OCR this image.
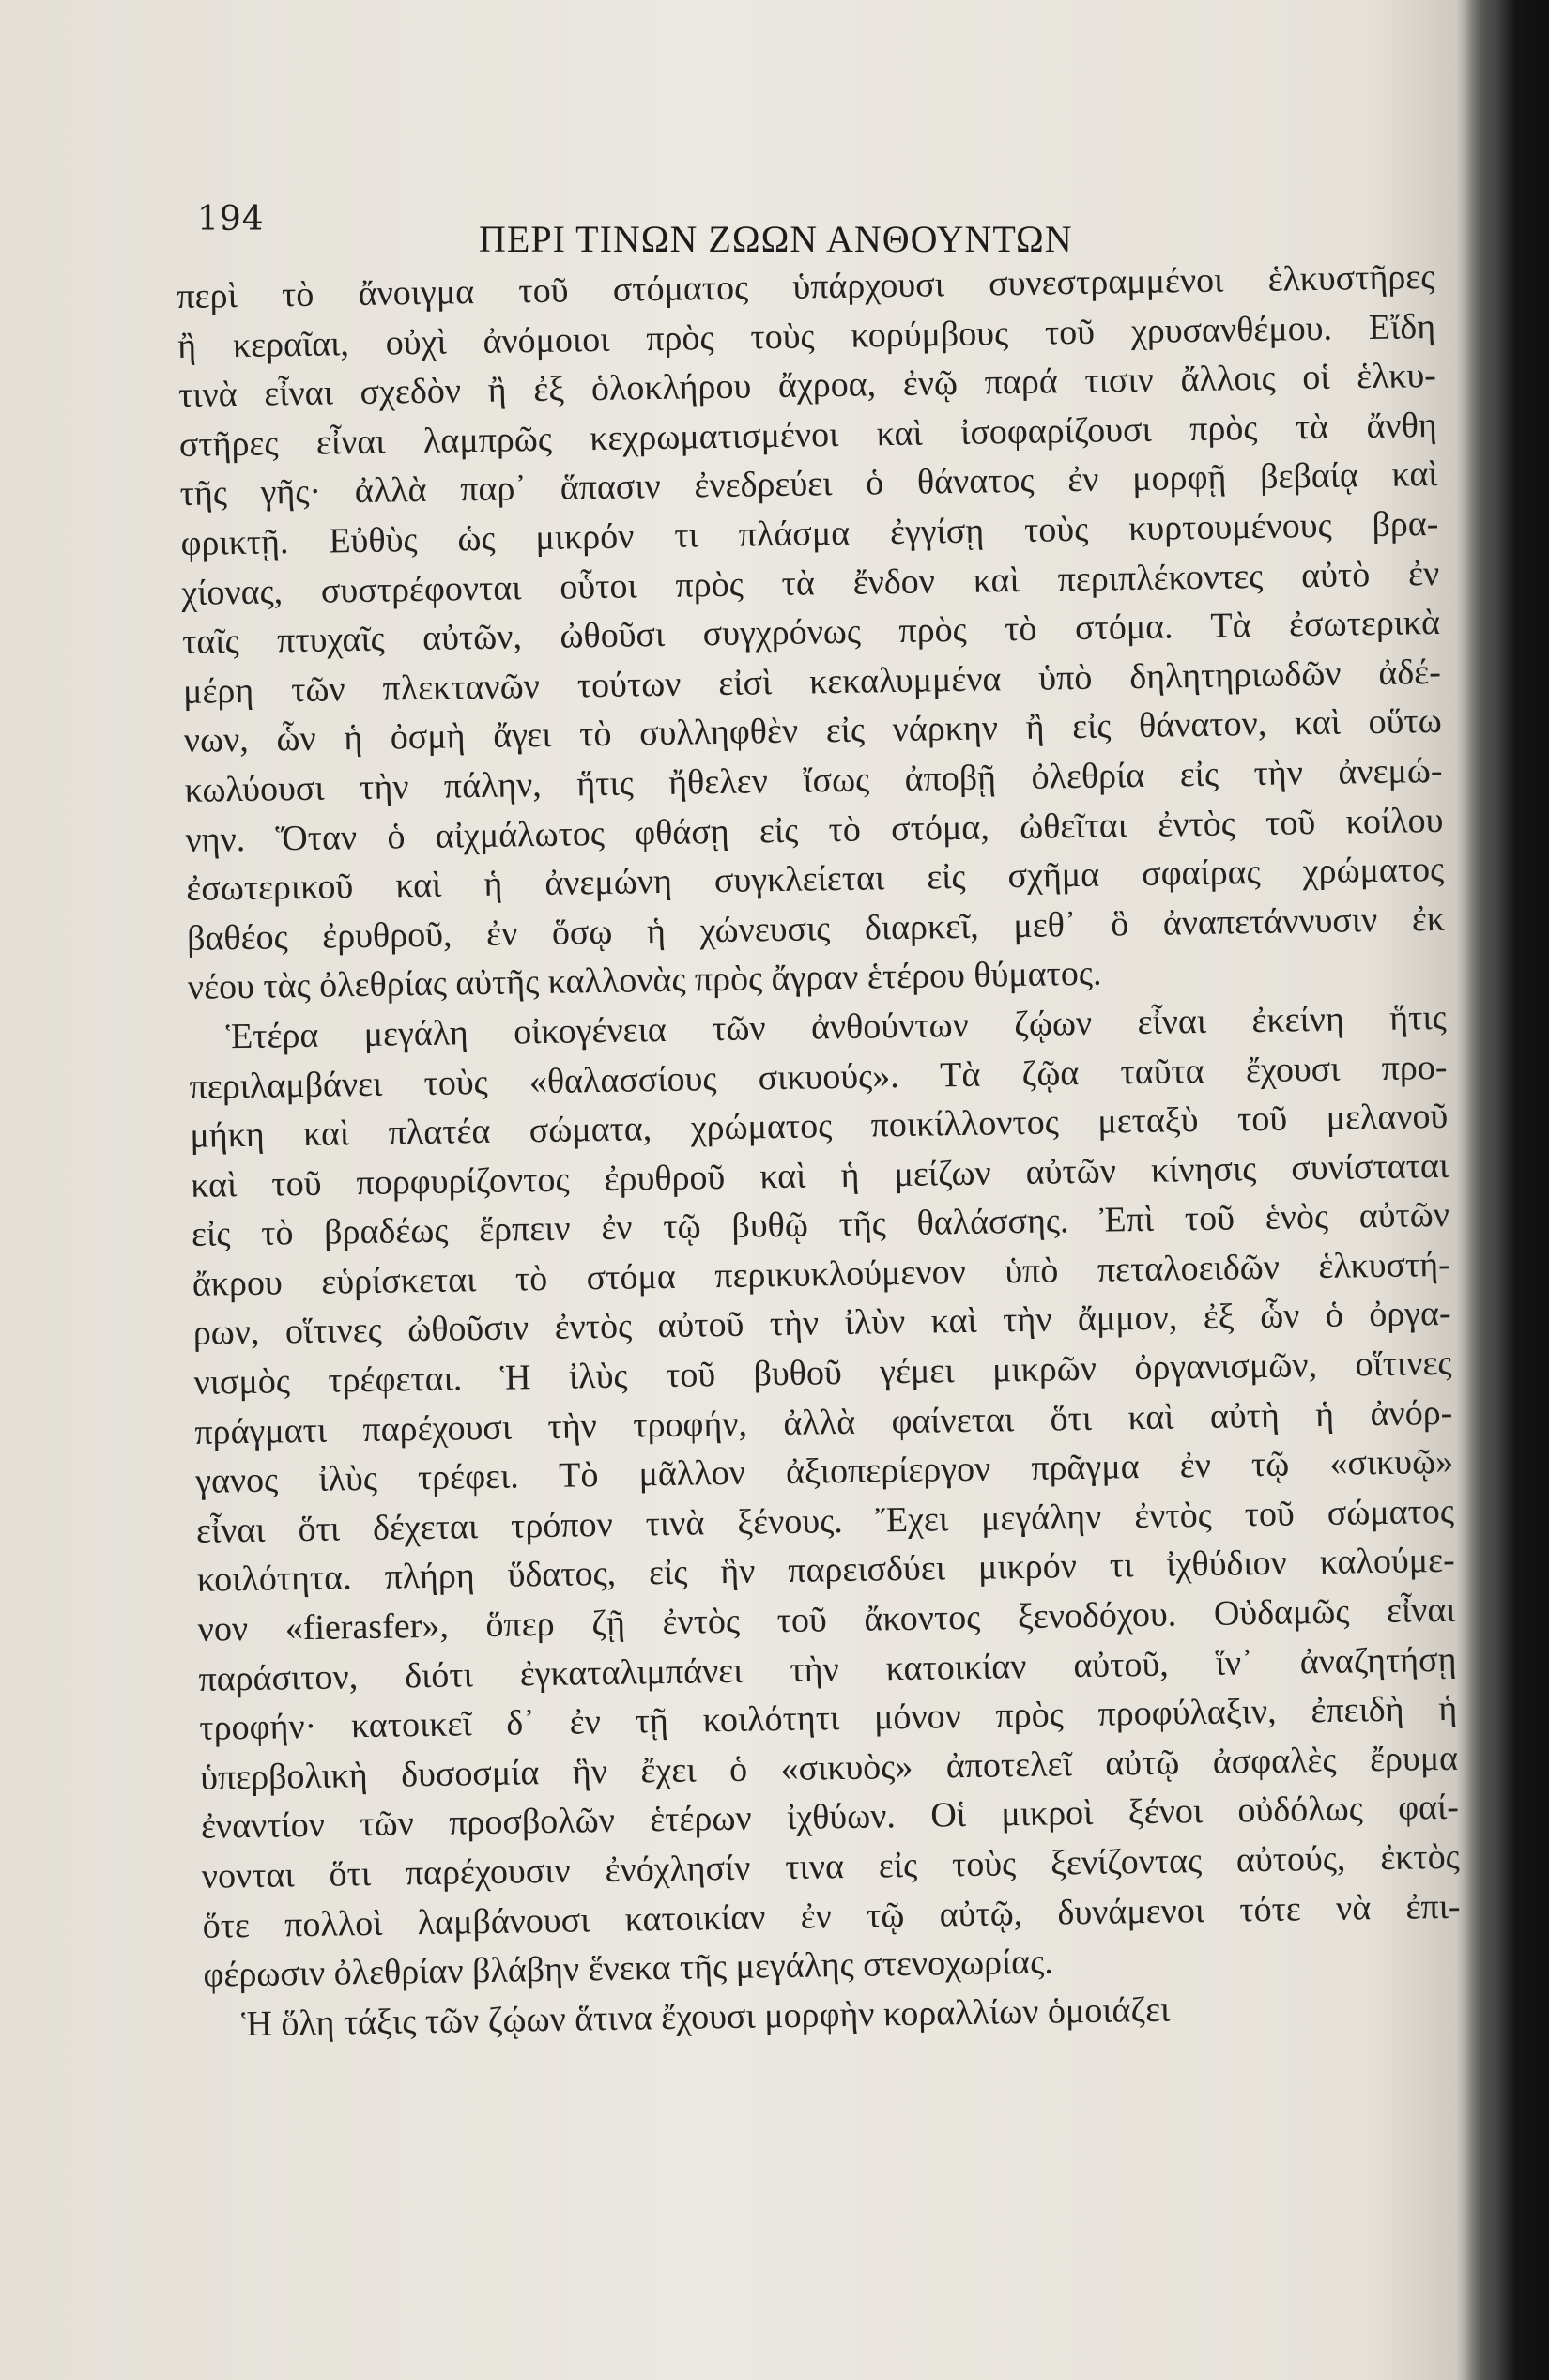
194	ΠΕΡΙ ΤΙΝΩΝ ΖΩΩΝ ΑΝΘΟΥΝΤΩΝ
περὶ τὸ ἄνοιγμα τοῦ στόματος ὑπάρχουσι συνεστραμμένοι ἑλκυστῆρες
ἢ κεραῖαι, οὐχὶ ἀνόμοιοι πρὸς τοὺς κορύμβους τοῦ χρυσανθέμου. Εἴδη
τινὰ εἶναι σχεδὸν ἢ ἐξ ὁλοκλήρου ἄχροα, ἐνῷ παρά τισιν ἄλλοις οἱ ἑλκυ-
στῆρες εἶναι λαμπρῶς κεχρωματισμένοι καὶ ἰσοφαρίζουσι πρὸς τὰ ἄνθη
τῆς γῆς· ἀλλὰ παρ᾿ ἅπασιν ἐνεδρεύει ὁ θάνατος ἐν μορφῇ βεβαίᾳ καὶ
φρικτῇ. Εὐθὺς ὡς μικρόν τι πλάσμα ἐγγίσῃ τοὺς κυρτουμένους βρα-
χίονας, συστρέφονται οὗτοι πρὸς τὰ ἔνδον καὶ περιπλέκοντες αὐτὸ ἐν
ταῖς πτυχαῖς αὐτῶν, ὠθοῦσι συγχρόνως πρὸς τὸ στόμα. Τὰ ἐσωτερικὰ
μέρη τῶν πλεκτανῶν τούτων εἰσὶ κεκαλυμμένα ὑπὸ δηλητηριωδῶν ἀδέ-
νων, ὧν ἡ ὀσμὴ ἄγει τὸ συλληφθὲν εἰς νάρκην ἢ εἰς θάνατον, καὶ οὕτω
κωλύουσι τὴν πάλην, ἥτις ἤθελεν ἴσως ἀποβῇ ὀλεθρία εἰς τὴν ἀνεμώ-
νην. Ὅταν ὁ αἰχμάλωτος φθάσῃ εἰς τὸ στόμα, ὠθεῖται ἐντὸς τοῦ κοίλου
ἐσωτερικοῦ καὶ ἡ ἀνεμώνη συγκλείεται εἰς σχῆμα σφαίρας χρώματος
βαθέος ἐρυθροῦ, ἐν ὅσῳ ἡ χώνευσις διαρκεῖ, μεθ᾿ ὃ ἀναπετάννυσιν ἐκ
νέου τὰς ὀλεθρίας αὐτῆς καλλονὰς πρὸς ἄγραν ἑτέρου θύματος.
Ἑτέρα μεγάλη οἰκογένεια τῶν ἀνθούντων ζῴων εἶναι ἐκείνη ἥτις
περιλαμβάνει τοὺς «θαλασσίους σικυούς». Τὰ ζῷα ταῦτα ἔχουσι προ-
μήκη καὶ πλατέα σώματα, χρώματος ποικίλλοντος μεταξὺ τοῦ μελανοῦ
καὶ τοῦ πορφυρίζοντος ἐρυθροῦ καὶ ἡ μείζων αὐτῶν κίνησις συνίσταται
εἰς τὸ βραδέως ἕρπειν ἐν τῷ βυθῷ τῆς θαλάσσης. Ἐπὶ τοῦ ἑνὸς αὐτῶν
ἄκρου εὑρίσκεται τὸ στόμα περικυκλούμενον ὑπὸ πεταλοειδῶν ἑλκυστή-
ρων, οἵτινες ὠθοῦσιν ἐντὸς αὐτοῦ τὴν ἰλὺν καὶ τὴν ἄμμον, ἐξ ὧν ὁ ὀργα-
νισμὸς τρέφεται. Ἡ ἰλὺς τοῦ βυθοῦ γέμει μικρῶν ὀργανισμῶν, οἵτινες
πράγματι παρέχουσι τὴν τροφήν, ἀλλὰ φαίνεται ὅτι καὶ αὐτὴ ἡ ἀνόρ-
γανος ἰλὺς τρέφει. Τὸ μᾶλλον ἀξιοπερίεργον πρᾶγμα ἐν τῷ «σικυῷ»
εἶναι ὅτι δέχεται τρόπον τινὰ ξένους. Ἔχει μεγάλην ἐντὸς τοῦ σώματος
κοιλότητα. πλήρη ὕδατος, εἰς ἣν παρεισδύει μικρόν τι ἰχθύδιον καλούμε-
νον «fierasfer», ὅπερ ζῇ ἐντὸς τοῦ ἄκοντος ξενοδόχου. Οὐδαμῶς εἶναι
παράσιτον, διότι ἐγκαταλιμπάνει τὴν κατοικίαν αὐτοῦ, ἵν᾿ ἀναζητήσῃ
τροφήν· κατοικεῖ δ᾿ ἐν τῇ κοιλότητι μόνον πρὸς προφύλαξιν, ἐπειδὴ ἡ
ὑπερβολικὴ δυσοσμία ἣν ἔχει ὁ «σικυὸς» ἀποτελεῖ αὐτῷ ἀσφαλὲς ἔρυμα
ἐναντίον τῶν προσβολῶν ἑτέρων ἰχθύων. Οἱ μικροὶ ξένοι οὐδόλως φαί-
νονται ὅτι παρέχουσιν ἐνόχλησίν τινα εἰς τοὺς ξενίζοντας αὐτούς, ἐκτὸς
ὅτε πολλοὶ λαμβάνουσι κατοικίαν ἐν τῷ αὐτῷ, δυνάμενοι τότε νὰ ἐπι-
φέρωσιν ὀλεθρίαν βλάβην ἕνεκα τῆς μεγάλης στενοχωρίας.
Ἡ ὅλη τάξις τῶν ζῴων ἅτινα ἔχουσι μορφὴν κοραλλίων ὁμοιάζει
